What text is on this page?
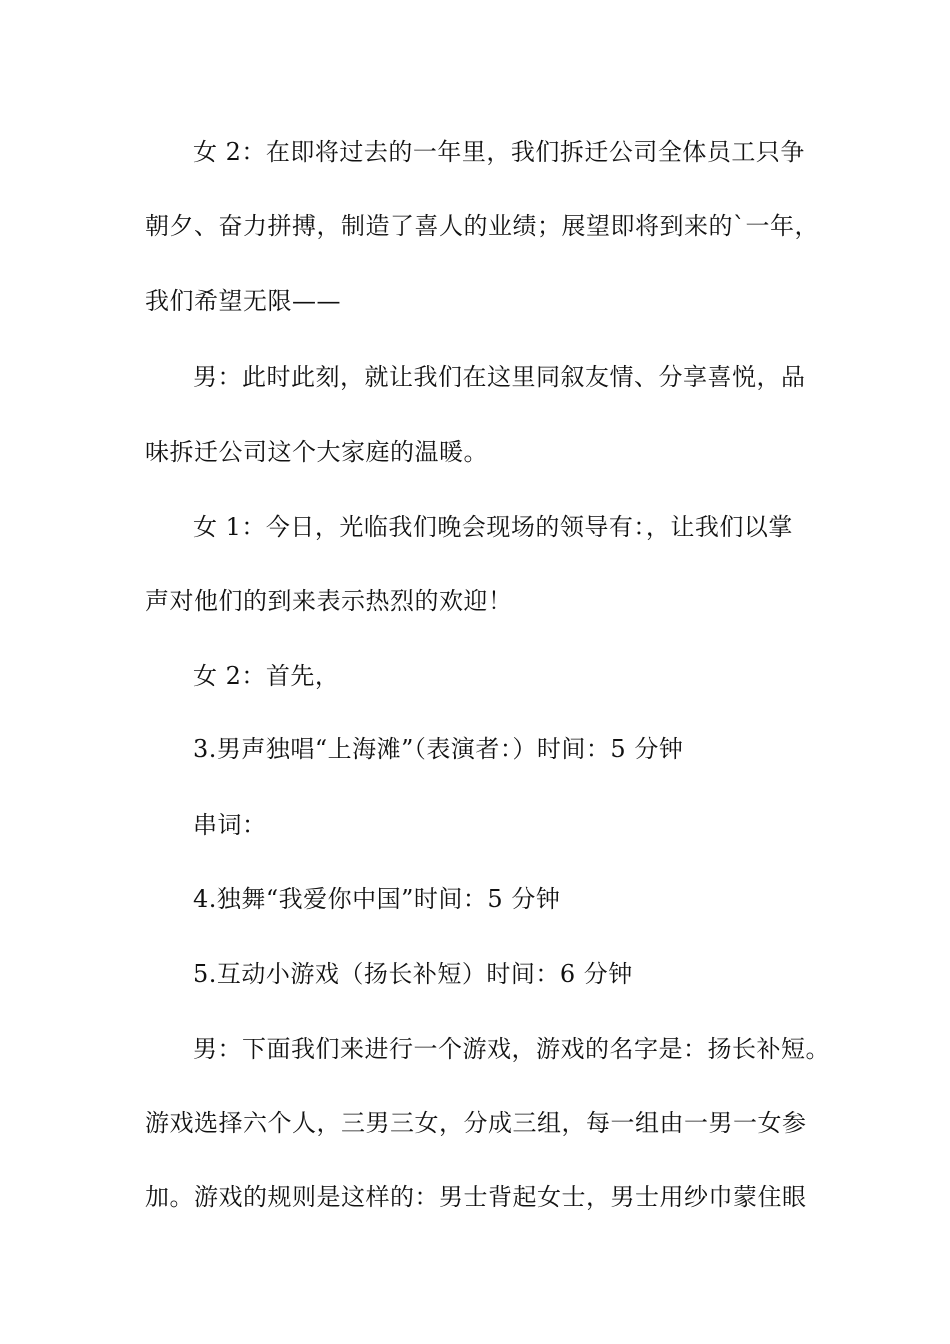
女 2：在即将过去的一年里，我们拆迁公司全体员工只争
朝夕、奋力拼搏，制造了喜人的业绩；展望即将到来的`一年，
我们希望无限——
男：此时此刻，就让我们在这里同叙友情、分享喜悦，品
味拆迁公司这个大家庭的温暖。
女 1：今日，光临我们晚会现场的领导有：，让我们以掌
声对他们的到来表示热烈的欢迎！
女 2：首先，
3.男声独唱“上海滩”（表演者：）时间：5 分钟
串词：
4.独舞“我爱你中国”时间：5 分钟
5.互动小游戏（扬长补短）时间：6 分钟
男：下面我们来进行一个游戏，游戏的名字是：扬长补短。
游戏选择六个人，三男三女，分成三组，每一组由一男一女参
加。游戏的规则是这样的：男士背起女士，男士用纱巾蒙住眼
